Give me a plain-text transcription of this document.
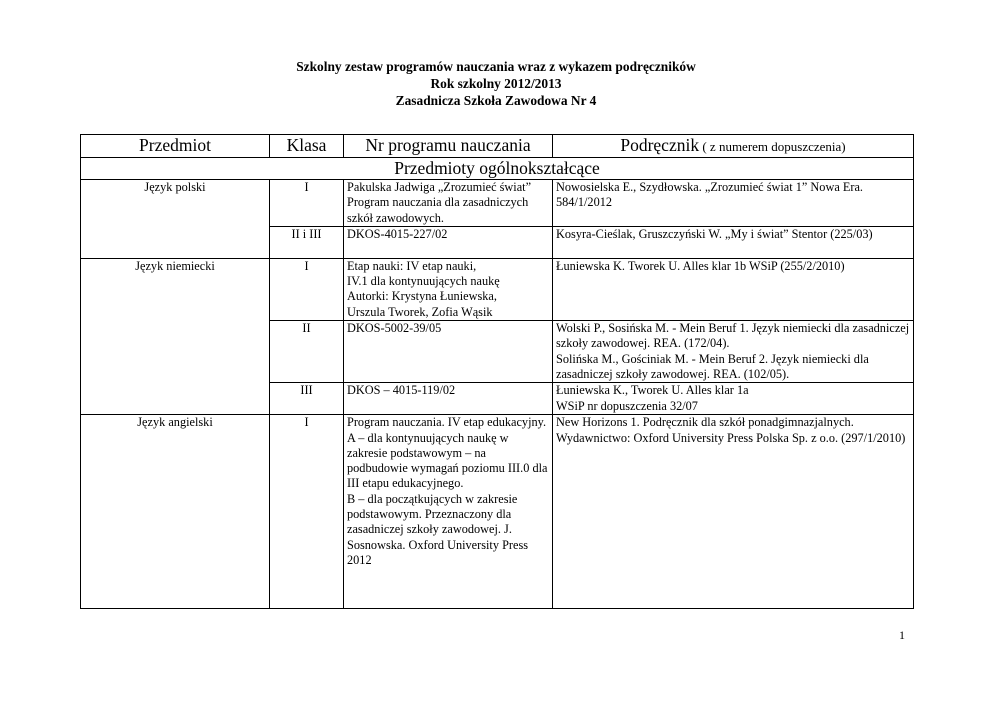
Szkolny zestaw programów nauczania wraz z wykazem podręczników
Rok szkolny 2012/2013
Zasadnicza Szkoła Zawodowa Nr 4
Przedmiot	Klasa	Nr programu nauczania	Podręcznik ( z numerem dopuszczenia)
Przedmioty ogólnokształcące			
Język polski	I	Pakulska Jadwiga „Zrozumieć świat” Program nauczania dla zasadniczych szkół zawodowych.	Nowosielska E., Szydłowska. „Zrozumieć świat 1” Nowa Era. 584/1/2012
	II i III	DKOS-4015-227/02	Kosyra-Cieślak, Gruszczyński W. „My i świat” Stentor (225/03)
Język niemiecki	I	Etap nauki: IV etap nauki,
IV.1 dla kontynuujących naukę
Autorki: Krystyna Łuniewska,
Urszula Tworek, Zofia Wąsik	Łuniewska K. Tworek U. Alles klar 1b WSiP (255/2/2010)
	II	DKOS-5002-39/05	Wolski P., Sosińska M. - Mein Beruf 1. Język niemiecki dla zasadniczej szkoły zawodowej. REA. (172/04).
Solińska M., Gościniak M. - Mein Beruf 2. Język niemiecki dla zasadniczej szkoły zawodowej. REA. (102/05).

	III	DKOS – 4015-119/02	Łuniewska K., Tworek U. Alles klar 1a
WSiP nr dopuszczenia 32/07

Język angielski	I	Program nauczania. IV etap edukacyjny. A – dla kontynuujących naukę w zakresie podstawowym – na podbudowie wymagań poziomu III.0 dla III etapu edukacyjnego.
B – dla początkujących w zakresie podstawowym. Przeznaczony dla zasadniczej szkoły zawodowej. J. Sosnowska. Oxford University Press 2012	New Horizons 1. Podręcznik dla szkół ponadgimnazjalnych. Wydawnictwo: Oxford University Press Polska Sp. z o.o. (297/1/2010)
1
